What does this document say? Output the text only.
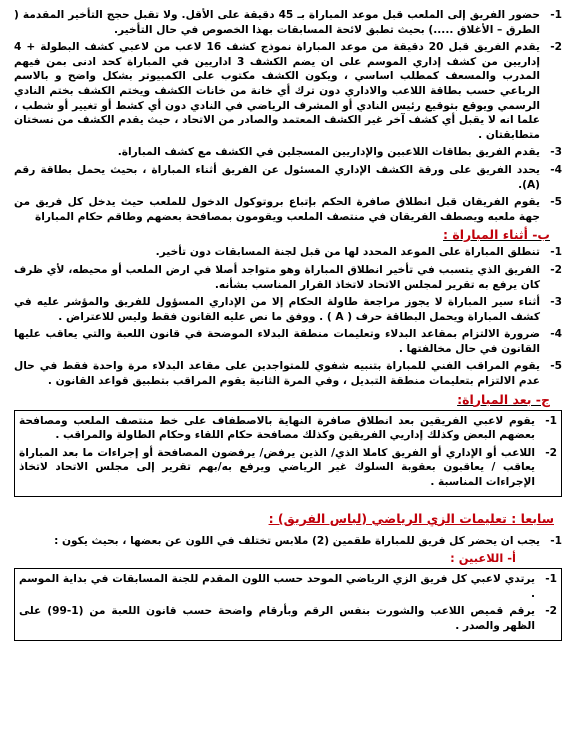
1-
حضور الفريق إلى الملعب قبل موعد المباراة بـ 45 دقيقة على الأقل. ولا تقبل حجج التأخير المقدمة ( الطرق – الأغلاق .....) بحيث تطبق لائحة المسابقات بهذا الخصوص في حال التأخير.
2-
يقدم الفريق قبل 20 دقيقة من موعد المباراة نموذج كشف 16 لاعب من لاعبي كشف البطولة + 4 إداريين من كشف إداري الموسم على ان يضم الكشف 3 اداريين في المباراة كحد ادنى بمن فيهم المدرب والمسعف كمطلب اساسي ، ويكون الكشف مكتوب على الكمبيوتر بشكل واضح و بالاسم الرباعي حسب بطاقة اللاعب والاداري دون ترك أي خانة من خانات الكشف ويختم الكشف بختم النادي الرسمي ويوقع بتوقيع رئيس النادي أو المشرف الرياضي في النادي دون أي كشط أو تغيير أو شطب ، علما انه لا يقبل أي كشف آخر غير الكشف المعتمد والصادر من الاتحاد ، حيث يقدم الكشف من نسختان متطابقتان .
3-
يقدم الفريق بطاقات اللاعبين والإداريين المسجلين في الكشف مع كشف المباراة.
4-
يحدد الفريق على ورقة الكشف الإداري المسئول عن الفريق أثناء المباراة ، بحيث يحمل بطاقة رقم (A).
5-
يقوم الفريقان قبل انطلاق صافرة الحكم بإتباع بروتوكول الدخول للملعب حيث يدخل كل فريق من جهة ملعبه ويصطف الفريقان في منتصف الملعب ويقومون بمصافحة بعضهم وطاقم حكام المباراة
ب- أثناء المباراة :
1-
تنطلق المباراة على الموعد المحدد لها من قبل لجنة المسابقات دون تأخير.
2-
الفريق الذي يتسبب في تأخير انطلاق المباراة وهو متواجد أصلا في ارض الملعب أو محيطه، لأي ظرف كان يرفع به تقرير لمجلس الاتحاد لاتخاذ القرار المناسب بشأنه.
3-
أثناء سير المباراة لا يجوز مراجعة طاولة الحكام إلا من الإداري المسؤول للفريق والمؤشر عليه في كشف المباراة ويحمل البطاقة حرف ( A ) . ووفق ما نص عليه القانون فقط وليس للاعتراض .
4-
ضرورة الالتزام بمقاعد البدلاء وتعليمات منطقة البدلاء الموضحة في قانون اللعبة والتي يعاقب عليها القانون في حال مخالفتها .
5-
يقوم المراقب الفني للمباراة بتنبيه شفوي للمتواجدين على مقاعد البدلاء مرة واحدة فقط في حال عدم الالتزام بتعليمات منطقة التبديل ، وفي المرة الثانية يقوم المراقب بتطبيق قواعد القانون .
ج- بعد المباراة:
1-
يقوم لاعبي الفريقين بعد انطلاق صافرة النهاية بالاصطفاف على خط منتصف الملعب ومصافحة بعضهم البعض وكذلك إداريي الفريقين وكذلك مصافحة حكام اللقاء وحكام الطاولة والمراقب .
2-
اللاعب أو الإداري أو الفريق كاملا الذي/ الذين يرفض/ يرفضون المصافحة أو إجراءات ما بعد المباراة يعاقب / يعاقبون بعقوبة السلوك غير الرياضي ويرفع به/بهم تقرير إلى مجلس الاتحاد لاتخاذ الإجراءات المناسبة .
سابعا : تعليمات الزي الرياضي (لباس الفريق) :
1-
يجب ان يحضر كل فريق للمباراة طقمين (2) ملابس تختلف في اللون عن بعضها ، بحيث يكون :
أ- اللاعبين :
1-
يرتدي لاعبي كل فريق الزي الرياضي الموحد حسب اللون المقدم للجنة المسابقات في بداية الموسم .
2-
يرقم قميص اللاعب والشورت بنفس الرقم وبأرقام واضحة حسب قانون اللعبة من (1-99) على الظهر والصدر .
